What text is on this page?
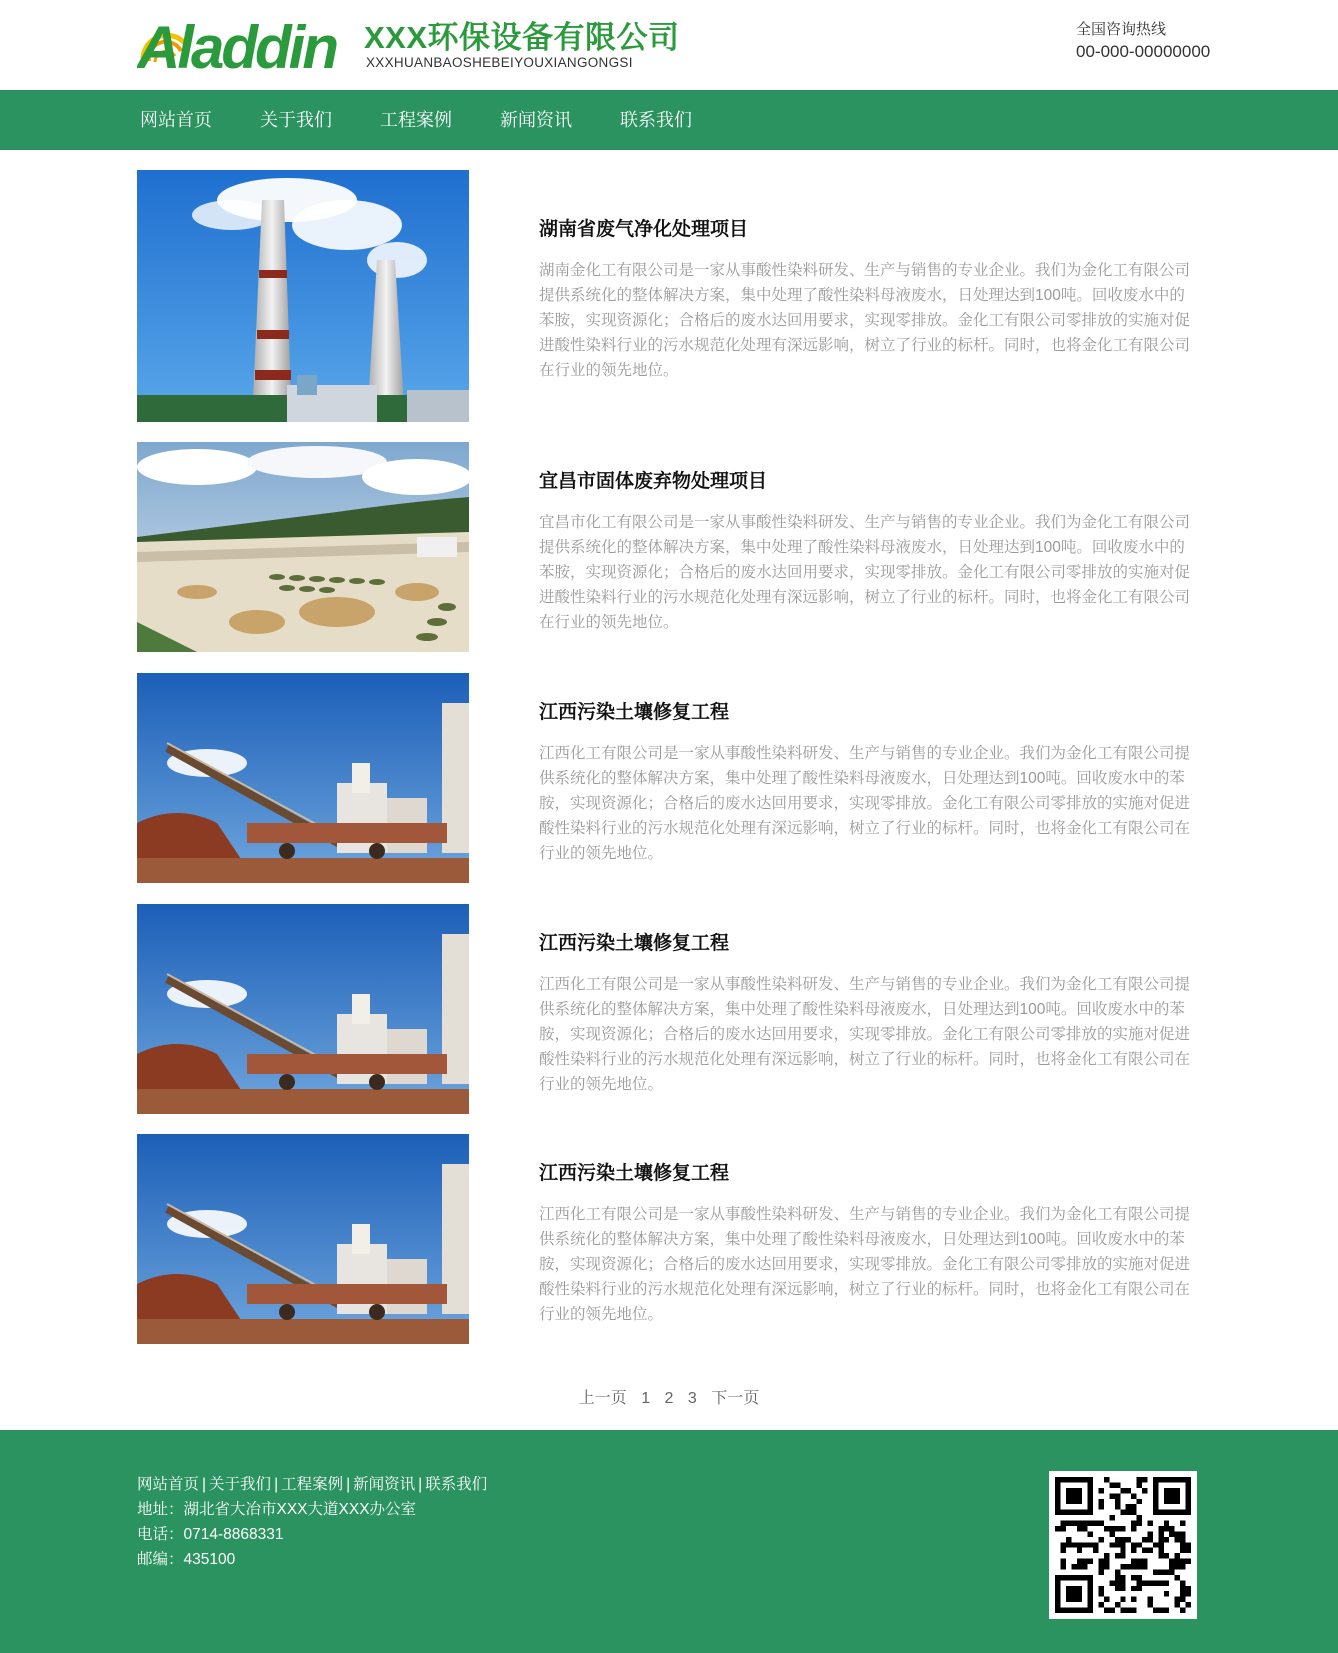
Aladdin XXX环保设备有限公司
XXXHUANBAOSHEBEIYOUXIANGONGSI
全国咨询热线
00-000-00000000
网站首页	关于我们	工程案例	新闻资讯	联系我们
湖南省废气净化处理项目
湖南金化工有限公司是一家从事酸性染料研发、生产与销售的专业企业。我们为金化工有限公司提供系统化的整体解决方案，集中处理了酸性染料母液废水，日处理达到100吨。回收废水中的苯胺，实现资源化；合格后的废水达回用要求，实现零排放。金化工有限公司零排放的实施对促进酸性染料行业的污水规范化处理有深远影响，树立了行业的标杆。同时，也将金化工有限公司在行业的领先地位。
宜昌市固体废弃物处理项目
宜昌市化工有限公司是一家从事酸性染料研发、生产与销售的专业企业。我们为金化工有限公司提供系统化的整体解决方案，集中处理了酸性染料母液废水，日处理达到100吨。回收废水中的苯胺，实现资源化；合格后的废水达回用要求，实现零排放。金化工有限公司零排放的实施对促进酸性染料行业的污水规范化处理有深远影响，树立了行业的标杆。同时，也将金化工有限公司在行业的领先地位。
江西污染土壤修复工程
江西化工有限公司是一家从事酸性染料研发、生产与销售的专业企业。我们为金化工有限公司提供系统化的整体解决方案，集中处理了酸性染料母液废水，日处理达到100吨。回收废水中的苯胺，实现资源化；合格后的废水达回用要求，实现零排放。金化工有限公司零排放的实施对促进酸性染料行业的污水规范化处理有深远影响，树立了行业的标杆。同时，也将金化工有限公司在行业的领先地位。
江西污染土壤修复工程
江西化工有限公司是一家从事酸性染料研发、生产与销售的专业企业。我们为金化工有限公司提供系统化的整体解决方案，集中处理了酸性染料母液废水，日处理达到100吨。回收废水中的苯胺，实现资源化；合格后的废水达回用要求，实现零排放。金化工有限公司零排放的实施对促进酸性染料行业的污水规范化处理有深远影响，树立了行业的标杆。同时，也将金化工有限公司在行业的领先地位。
江西污染土壤修复工程
江西化工有限公司是一家从事酸性染料研发、生产与销售的专业企业。我们为金化工有限公司提供系统化的整体解决方案，集中处理了酸性染料母液废水，日处理达到100吨。回收废水中的苯胺，实现资源化；合格后的废水达回用要求，实现零排放。金化工有限公司零排放的实施对促进酸性染料行业的污水规范化处理有深远影响，树立了行业的标杆。同时，也将金化工有限公司在行业的领先地位。
上一页 1 2 3 下一页
网站首页 | 关于我们 | 工程案例 | 新闻资讯 | 联系我们
地址：湖北省大冶市XXX大道XXX办公室
电话：0714-8868331
邮编：435100
